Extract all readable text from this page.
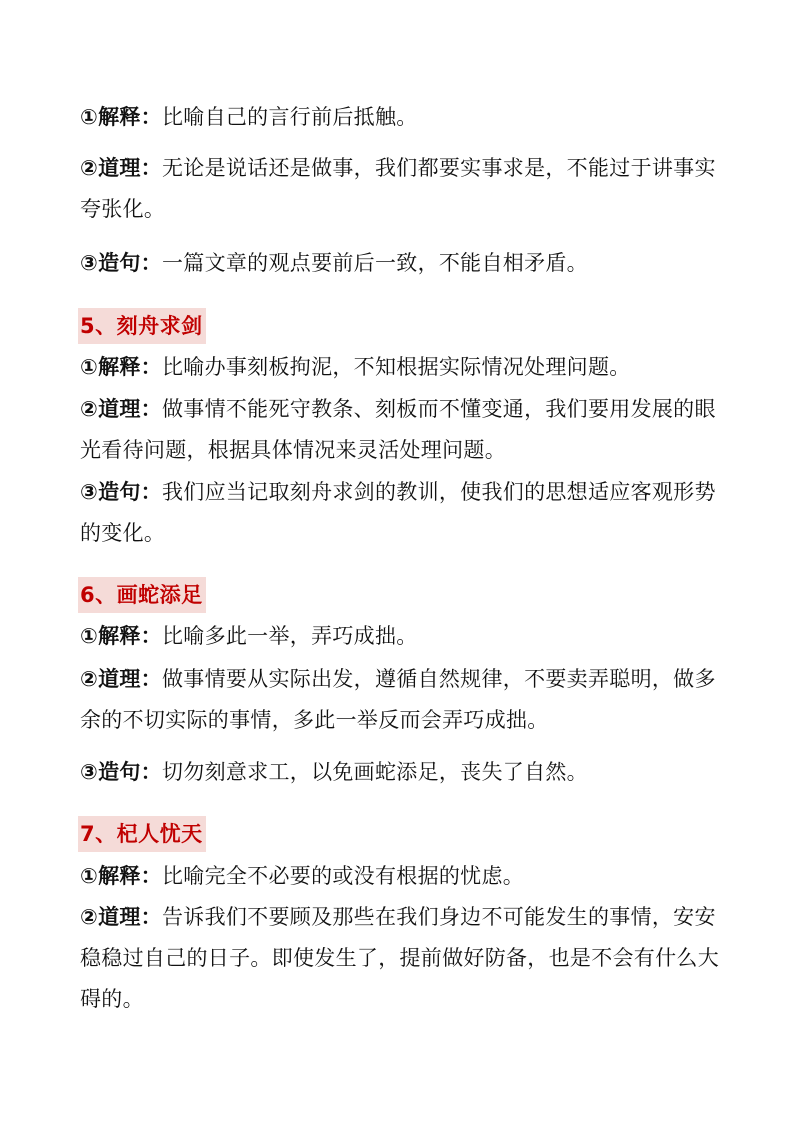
①解释：比喻自己的言行前后抵触。

②道理：无论是说话还是做事，我们都要实事求是，不能过于讲事实夸张化。

③造句：一篇文章的观点要前后一致，不能自相矛盾。

5、刻舟求剑

①解释：比喻办事刻板拘泥，不知根据实际情况处理问题。

②道理：做事情不能死守教条、刻板而不懂变通，我们要用发展的眼光看待问题，根据具体情况来灵活处理问题。

③造句：我们应当记取刻舟求剑的教训，使我们的思想适应客观形势的变化。

6、画蛇添足

①解释：比喻多此一举，弄巧成拙。

②道理：做事情要从实际出发，遵循自然规律，不要卖弄聪明，做多余的不切实际的事情，多此一举反而会弄巧成拙。

③造句：切勿刻意求工，以免画蛇添足，丧失了自然。

7、杞人忧天

①解释：比喻完全不必要的或没有根据的忧虑。

②道理：告诉我们不要顾及那些在我们身边不可能发生的事情，安安稳稳过自己的日子。即使发生了，提前做好防备，也是不会有什么大碍的。
